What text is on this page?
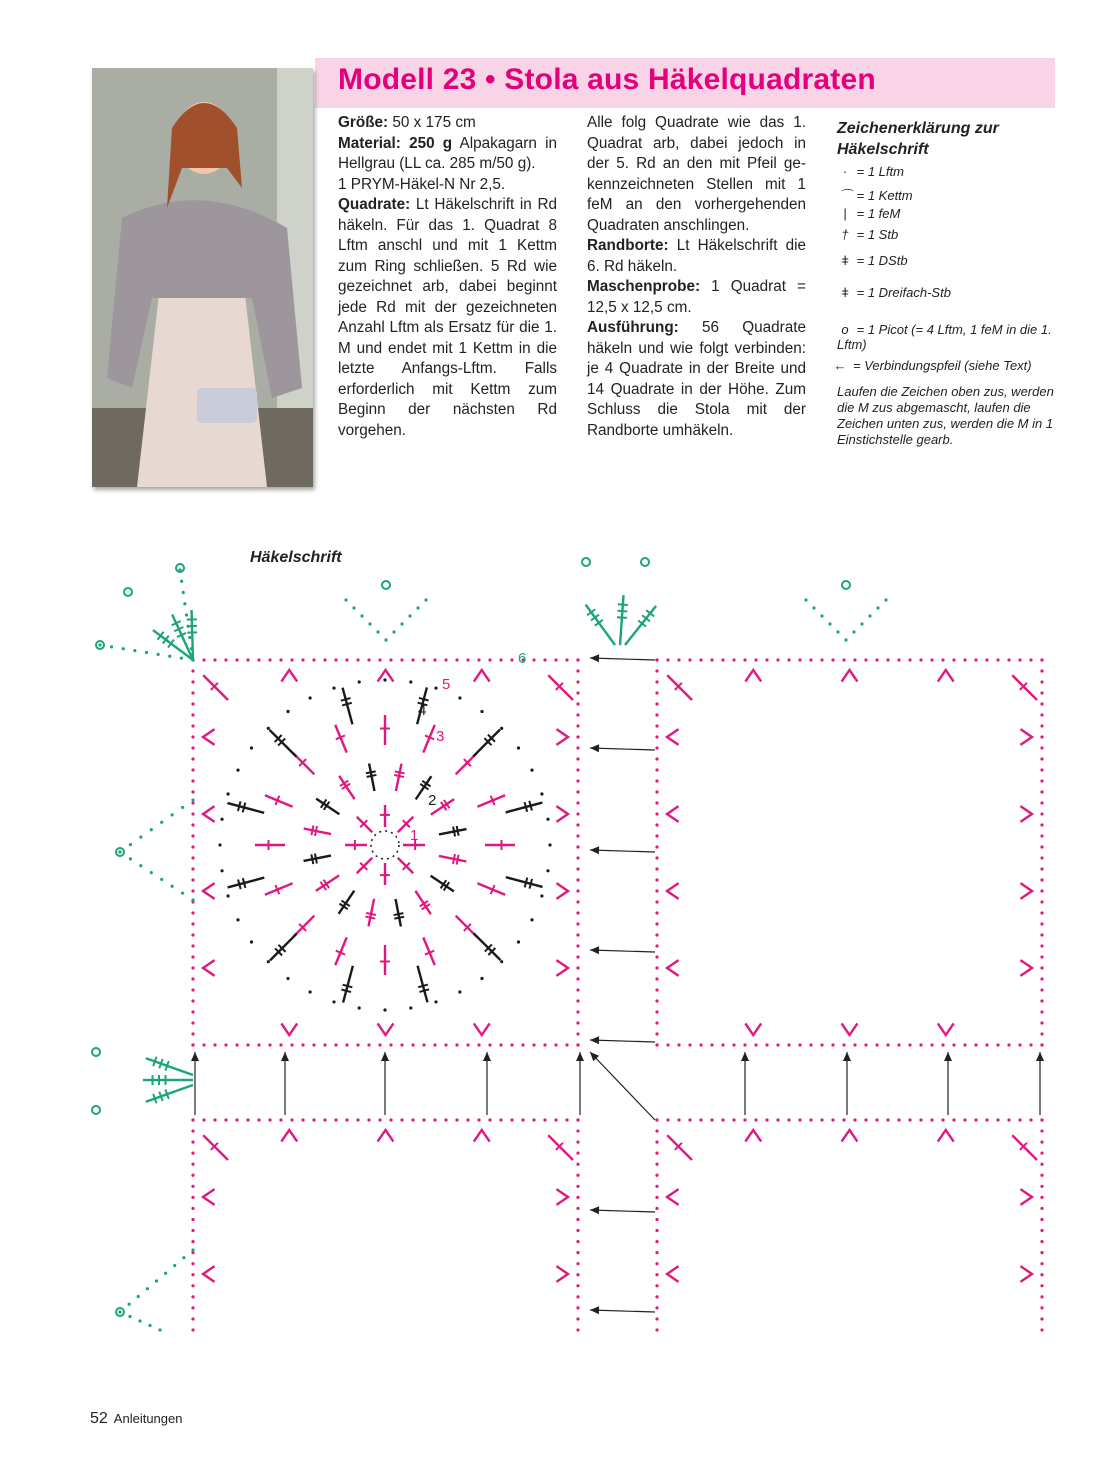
Modell 23 • Stola aus Häkelquadraten

Größe: 50 x 175 cm

Material: 250 g Alpakagarn in Hellgrau (LL ca. 285 m/50 g).

1 PRYM-Häkel-N Nr 2,5.

Quadrate: Lt Häkelschrift in Rd häkeln. Für das 1. Quadrat 8 Lftm anschl und mit 1 Kettm zum Ring schließen. 5 Rd wie gezeichnet arb, dabei beginnt jede Rd mit der gezeichneten Anzahl Lftm als Ersatz für die 1. M und endet mit 1 Kettm in die letzte Anfangs-Lftm. Falls erforderlich mit Kettm zum Beginn der nächsten Rd vorgehen.

Alle folg Quadrate wie das 1. Quadrat arb, dabei jedoch in der 5. Rd an den mit Pfeil gekennzeichneten Stellen mit 1 feM an den vorhergehenden Quadraten anschlingen.

Randborte: Lt Häkelschrift die 6. Rd häkeln.

Maschenprobe: 1 Quadrat = 12,5 x 12,5 cm.

Ausführung: 56 Quadrate häkeln und wie folgt verbinden: je 4 Quadrate in der Breite und 14 Quadrate in der Höhe. Zum Schluss die Stola mit der Randborte umhäkeln.

Zeichenerklärung zur Häkelschrift
· = 1 Lftm
⌒ = 1 Kettm
| = 1 feM
† = 1 Stb
ǂ = 1 DStb
ǂ = 1 Dreifach-Stb
o = 1 Picot (= 4 Lftm, 1 feM in die 1. Lftm)
← = Verbindungspfeil (siehe Text)
Laufen die Zeichen oben zus, werden die M zus abgemascht, laufen die Zeichen unten zus, werden die M in 1 Einstichstelle gearb.
Häkelschrift
1
2
3
4
5
6
52 Anleitungen
